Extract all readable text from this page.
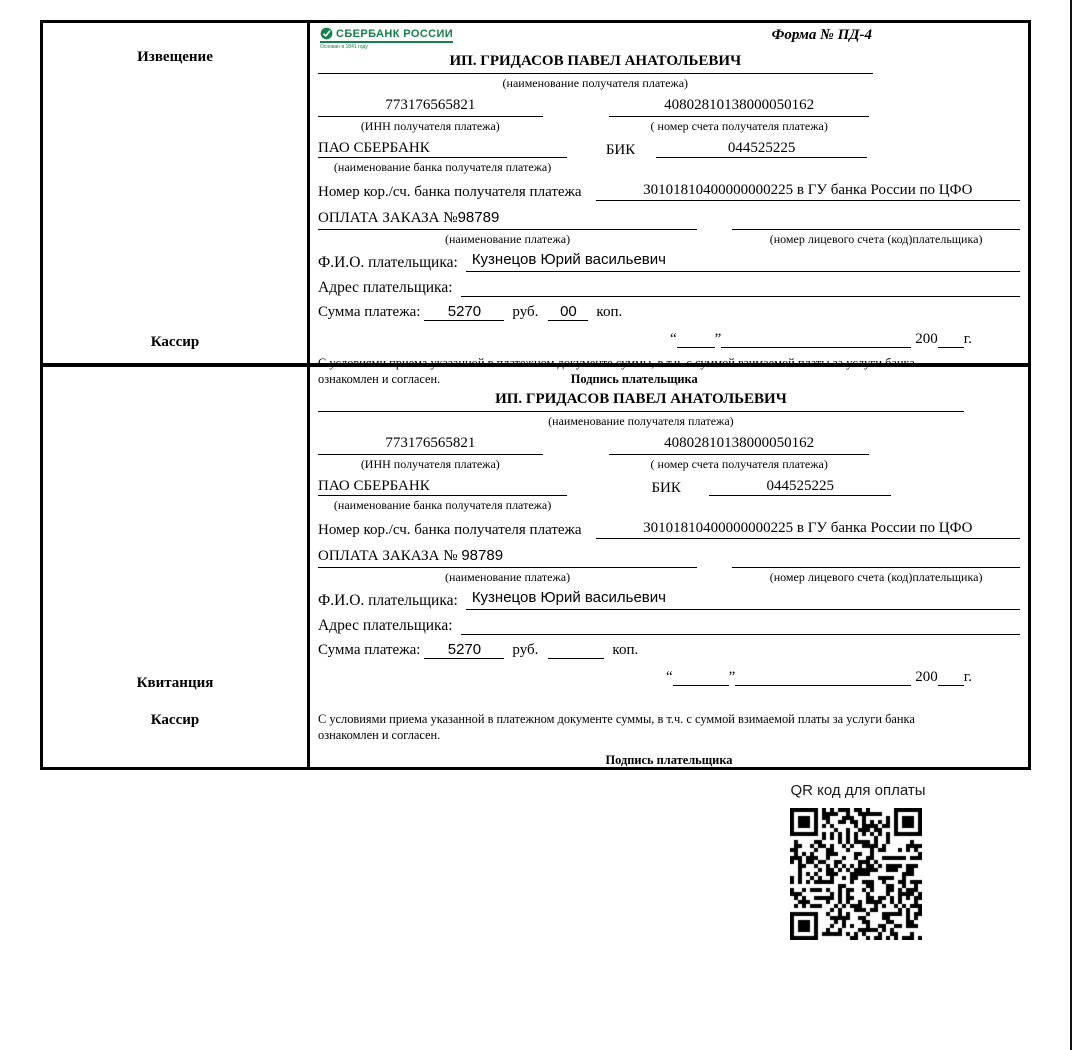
Извещение
Кассир
СБЕРБАНК РОССИИ
Основан в 1841 году
Форма № ПД-4
ИП. ГРИДАСОВ ПАВЕЛ АНАТОЛЬЕВИЧ
(наименование получателя платежа)
773176565821
(ИНН получателя платежа)
40802810138000050162
( номер счета получателя платежа)
ПАО СБЕРБАНК
(наименование банка получателя платежа)
БИК	044525225
Номер кор./сч. банка получателя платежа	30101810400000000225 в ГУ банка России по ЦФО
ОПЛАТА ЗАКАЗА №98789
(наименование платежа)	(номер лицевого счета (код)плательщика)
Ф.И.О. плательщика: Кузнецов Юрий васильевич
Адрес плательщика:
Сумма платежа:	5270	руб.	00	коп.
“	”	200 г.
С условиями приема указанной в платежном документе суммы, в т.ч. с суммой взимаемой платы за услуги банка
ознакомлен и согласен.	Подпись плательщика
Квитанция
Кассир
ИП. ГРИДАСОВ ПАВЕЛ АНАТОЛЬЕВИЧ
(наименование получателя платежа)
773176565821
(ИНН получателя платежа)
40802810138000050162
( номер счета получателя платежа)
ПАО СБЕРБАНК
(наименование банка получателя платежа)
БИК	044525225
Номер кор./сч. банка получателя платежа	30101810400000000225 в ГУ банка России по ЦФО
ОПЛАТА ЗАКАЗА № 98789
(наименование платежа)	(номер лицевого счета (код)плательщика)
Ф.И.О. плательщика: Кузнецов Юрий васильевич
Адрес плательщика:
Сумма платежа:	5270	руб.	коп.
“	”	200 г.
С условиями приема указанной в платежном документе суммы, в т.ч. с суммой взимаемой платы за услуги банка
ознакомлен и согласен.
Подпись плательщика
QR код для оплаты
